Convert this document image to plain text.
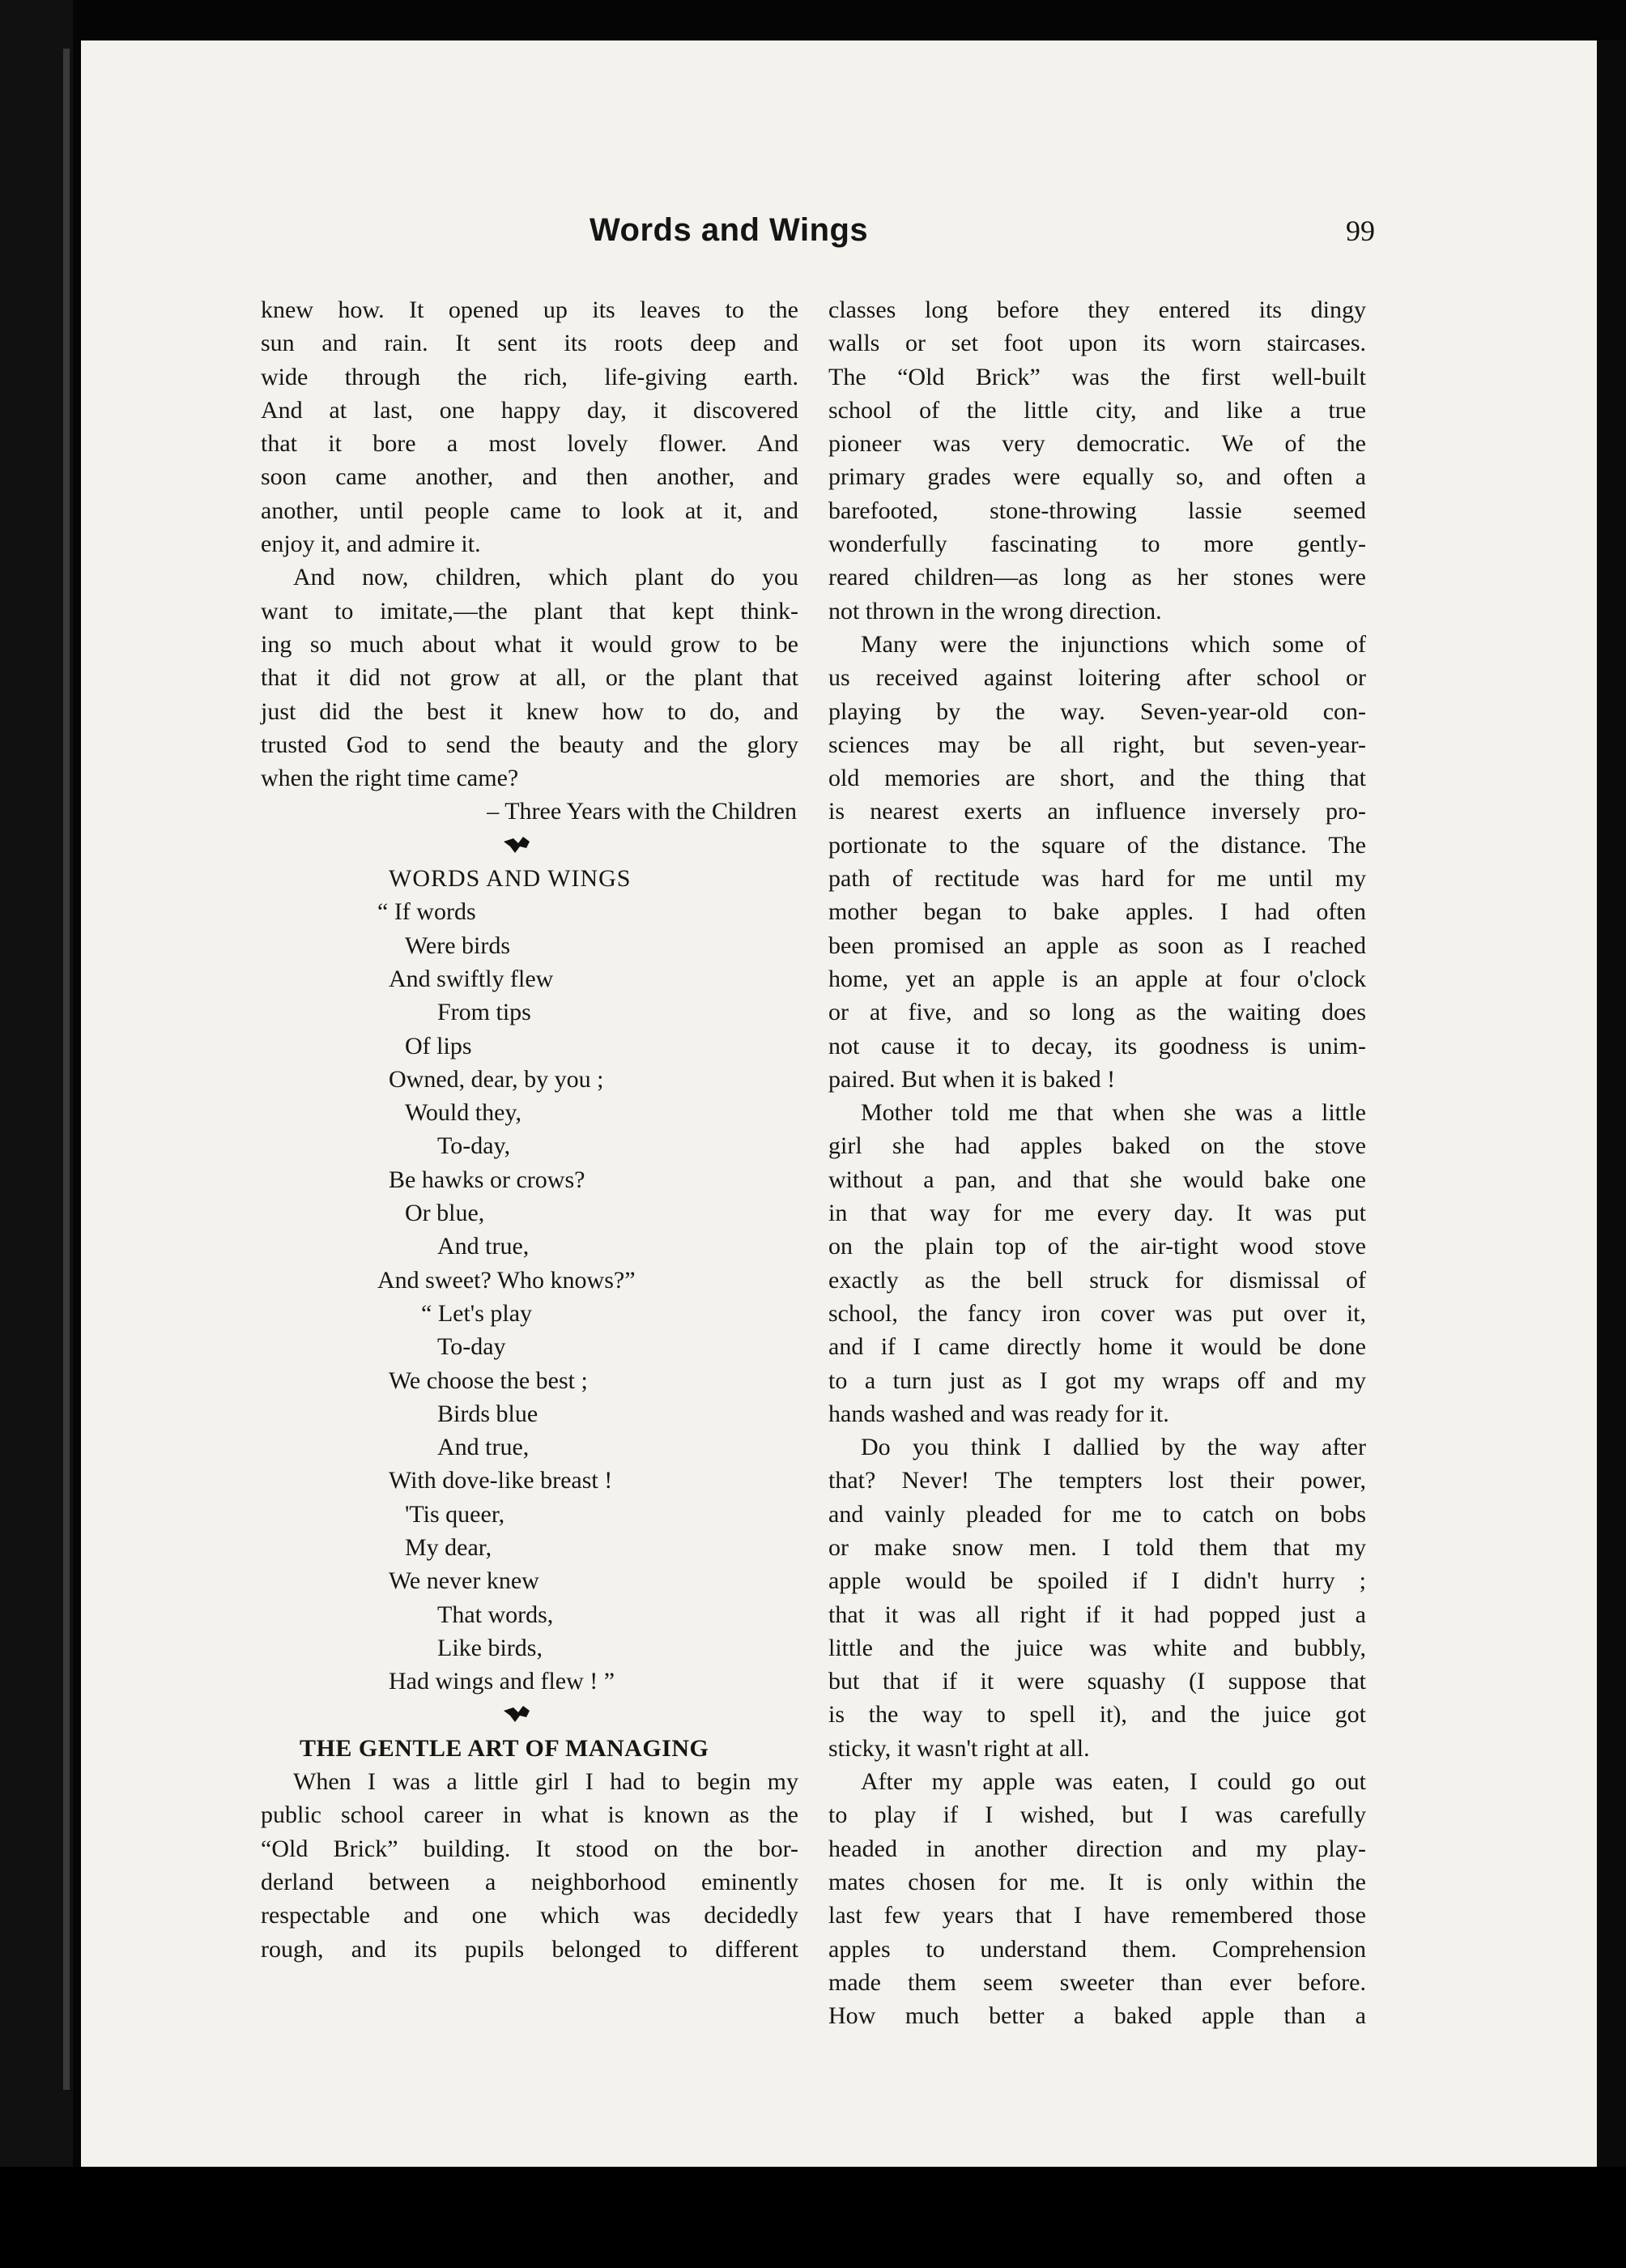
Words and Wings	99
knew how. It opened up its leaves to the
sun and rain. It sent its roots deep and
wide through the rich, life-giving earth.
And at last, one happy day, it discovered
that it bore a most lovely flower. And
soon came another, and then another, and
another, until people came to look at it, and
enjoy it, and admire it.
And now, children, which plant do you
want to imitate,—the plant that kept think-
ing so much about what it would grow to be
that it did not grow at all, or the plant that
just did the best it knew how to do, and
trusted God to send the beauty and the glory
when the right time came?
– Three Years with the Children
WORDS AND WINGS
“ If words
Were birds
And swiftly flew
From tips
Of lips
Owned, dear, by you ;
Would they,
To-day,
Be hawks or crows?
Or blue,
And true,
And sweet? Who knows?”
“ Let's play
To-day
We choose the best ;
Birds blue
And true,
With dove-like breast !
'Tis queer,
My dear,
We never knew
That words,
Like birds,
Had wings and flew ! ”
THE GENTLE ART OF MANAGING
When I was a little girl I had to begin my
public school career in what is known as the
“Old Brick” building. It stood on the bor-
derland between a neighborhood eminently
respectable and one which was decidedly
rough, and its pupils belonged to different
classes long before they entered its dingy
walls or set foot upon its worn staircases.
The “Old Brick” was the first well-built
school of the little city, and like a true
pioneer was very democratic. We of the
primary grades were equally so, and often a
barefooted, stone-throwing lassie seemed
wonderfully fascinating to more gently-
reared children—as long as her stones were
not thrown in the wrong direction.
Many were the injunctions which some of
us received against loitering after school or
playing by the way. Seven-year-old con-
sciences may be all right, but seven-year-
old memories are short, and the thing that
is nearest exerts an influence inversely pro-
portionate to the square of the distance. The
path of rectitude was hard for me until my
mother began to bake apples. I had often
been promised an apple as soon as I reached
home, yet an apple is an apple at four o'clock
or at five, and so long as the waiting does
not cause it to decay, its goodness is unim-
paired. But when it is baked !
Mother told me that when she was a little
girl she had apples baked on the stove
without a pan, and that she would bake one
in that way for me every day. It was put
on the plain top of the air-tight wood stove
exactly as the bell struck for dismissal of
school, the fancy iron cover was put over it,
and if I came directly home it would be done
to a turn just as I got my wraps off and my
hands washed and was ready for it.
Do you think I dallied by the way after
that? Never! The tempters lost their power,
and vainly pleaded for me to catch on bobs
or make snow men. I told them that my
apple would be spoiled if I didn't hurry ;
that it was all right if it had popped just a
little and the juice was white and bubbly,
but that if it were squashy (I suppose that
is the way to spell it), and the juice got
sticky, it wasn't right at all.
After my apple was eaten, I could go out
to play if I wished, but I was carefully
headed in another direction and my play-
mates chosen for me. It is only within the
last few years that I have remembered those
apples to understand them. Comprehension
made them seem sweeter than ever before.
How much better a baked apple than a
